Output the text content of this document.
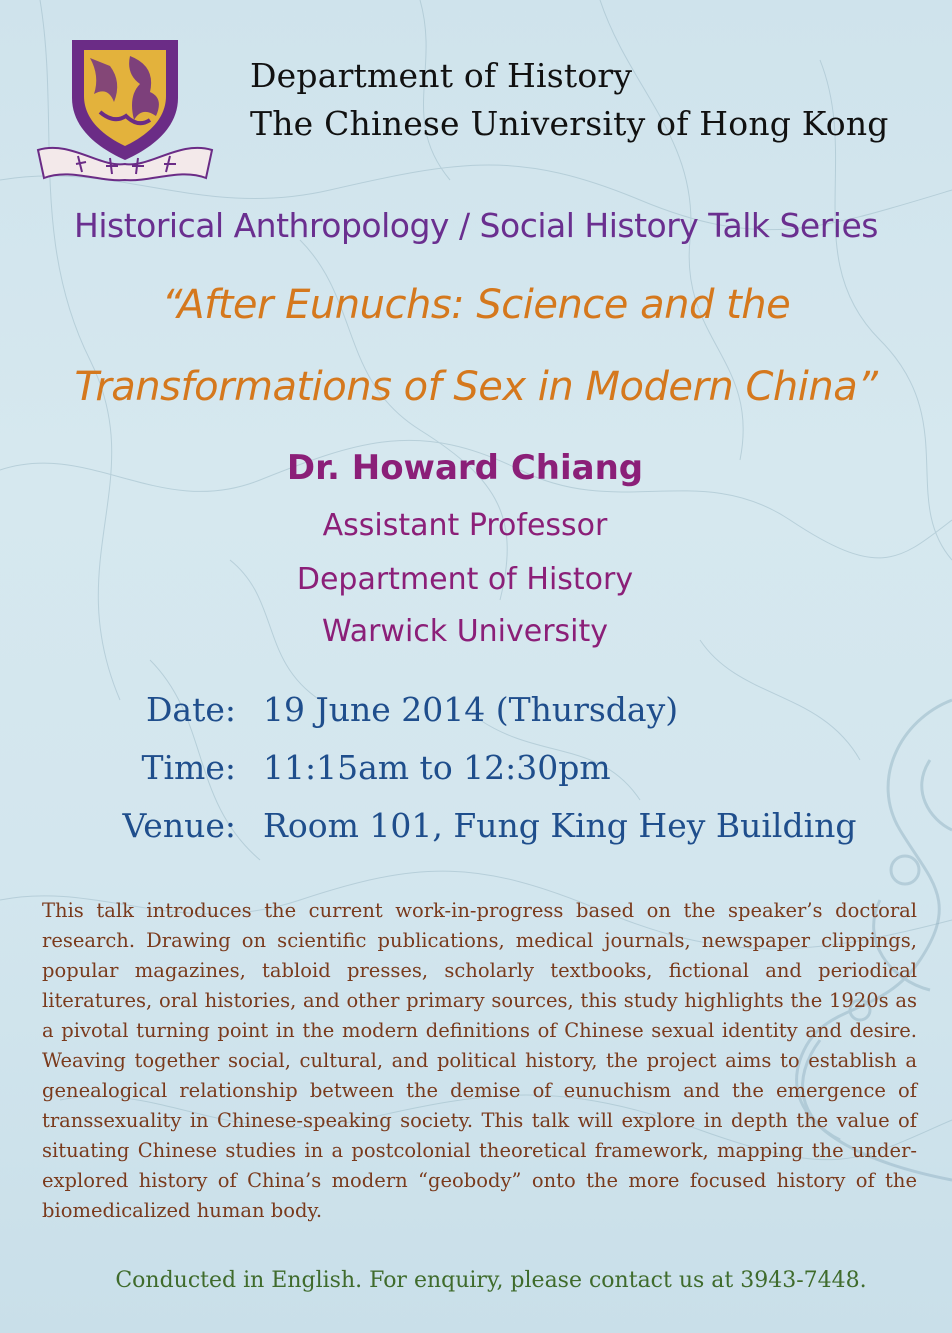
Department of History
The Chinese University of Hong Kong
Historical Anthropology / Social History Talk Series
“After Eunuchs: Science and the
Transformations of Sex in Modern China”
Dr. Howard Chiang
Assistant Professor
Department of History
Warwick University
Date: 19 June 2014 (Thursday)
Time: 11:15am to 12:30pm
Venue: Room 101, Fung King Hey Building
This talk introduces the current work-in-progress based on the speaker’s doctoral research. Drawing on scientific publications, medical journals, newspaper clippings, popular magazines, tabloid presses, scholarly textbooks, fictional and periodical literatures, oral histories, and other primary sources, this study highlights the 1920s as a pivotal turning point in the modern definitions of Chinese sexual identity and desire. Weaving together social, cultural, and political history, the project aims to establish a genealogical relationship between the demise of eunuchism and the emergence of transsexuality in Chinese-speaking society. This talk will explore in depth the value of situating Chinese studies in a postcolonial theoretical framework, mapping the under-explored history of China’s modern “geobody” onto the more focused history of the biomedicalized human body.
Conducted in English. For enquiry, please contact us at 3943-7448.
